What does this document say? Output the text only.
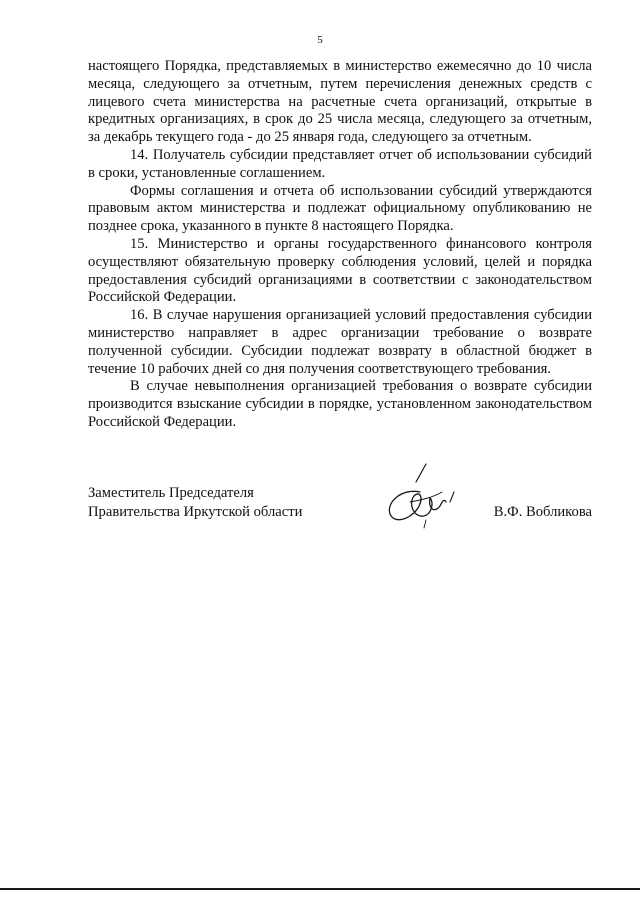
5

настоящего Порядка, представляемых в министерство ежемесячно до 10 числа месяца, следующего за отчетным, путем перечисления денежных средств с лицевого счета министерства на расчетные счета организаций, открытые в кредитных организациях, в срок до 25 числа месяца, следующего за отчетным, за декабрь текущего года - до 25 января года, следующего за отчетным.

14. Получатель субсидии представляет отчет об использовании субсидий в сроки, установленные соглашением.

Формы соглашения и отчета об использовании субсидий утверждаются правовым актом министерства и подлежат официальному опубликованию не позднее срока, указанного в пункте 8 настоящего Порядка.

15. Министерство и органы государственного финансового контроля осуществляют обязательную проверку соблюдения условий, целей и порядка предоставления субсидий организациями в соответствии с законодательством Российской Федерации.

16. В случае нарушения организацией условий предоставления субсидии министерство направляет в адрес организации требование о возврате полученной субсидии. Субсидии подлежат возврату в областной бюджет в течение 10 рабочих дней со дня получения соответствующего требования.

В случае невыполнения организацией требования о возврате субсидии производится взыскание субсидии в порядке, установленном законодательством Российской Федерации.

Заместитель Председателя
Правительства Иркутской области	В.Ф. Вобликова
